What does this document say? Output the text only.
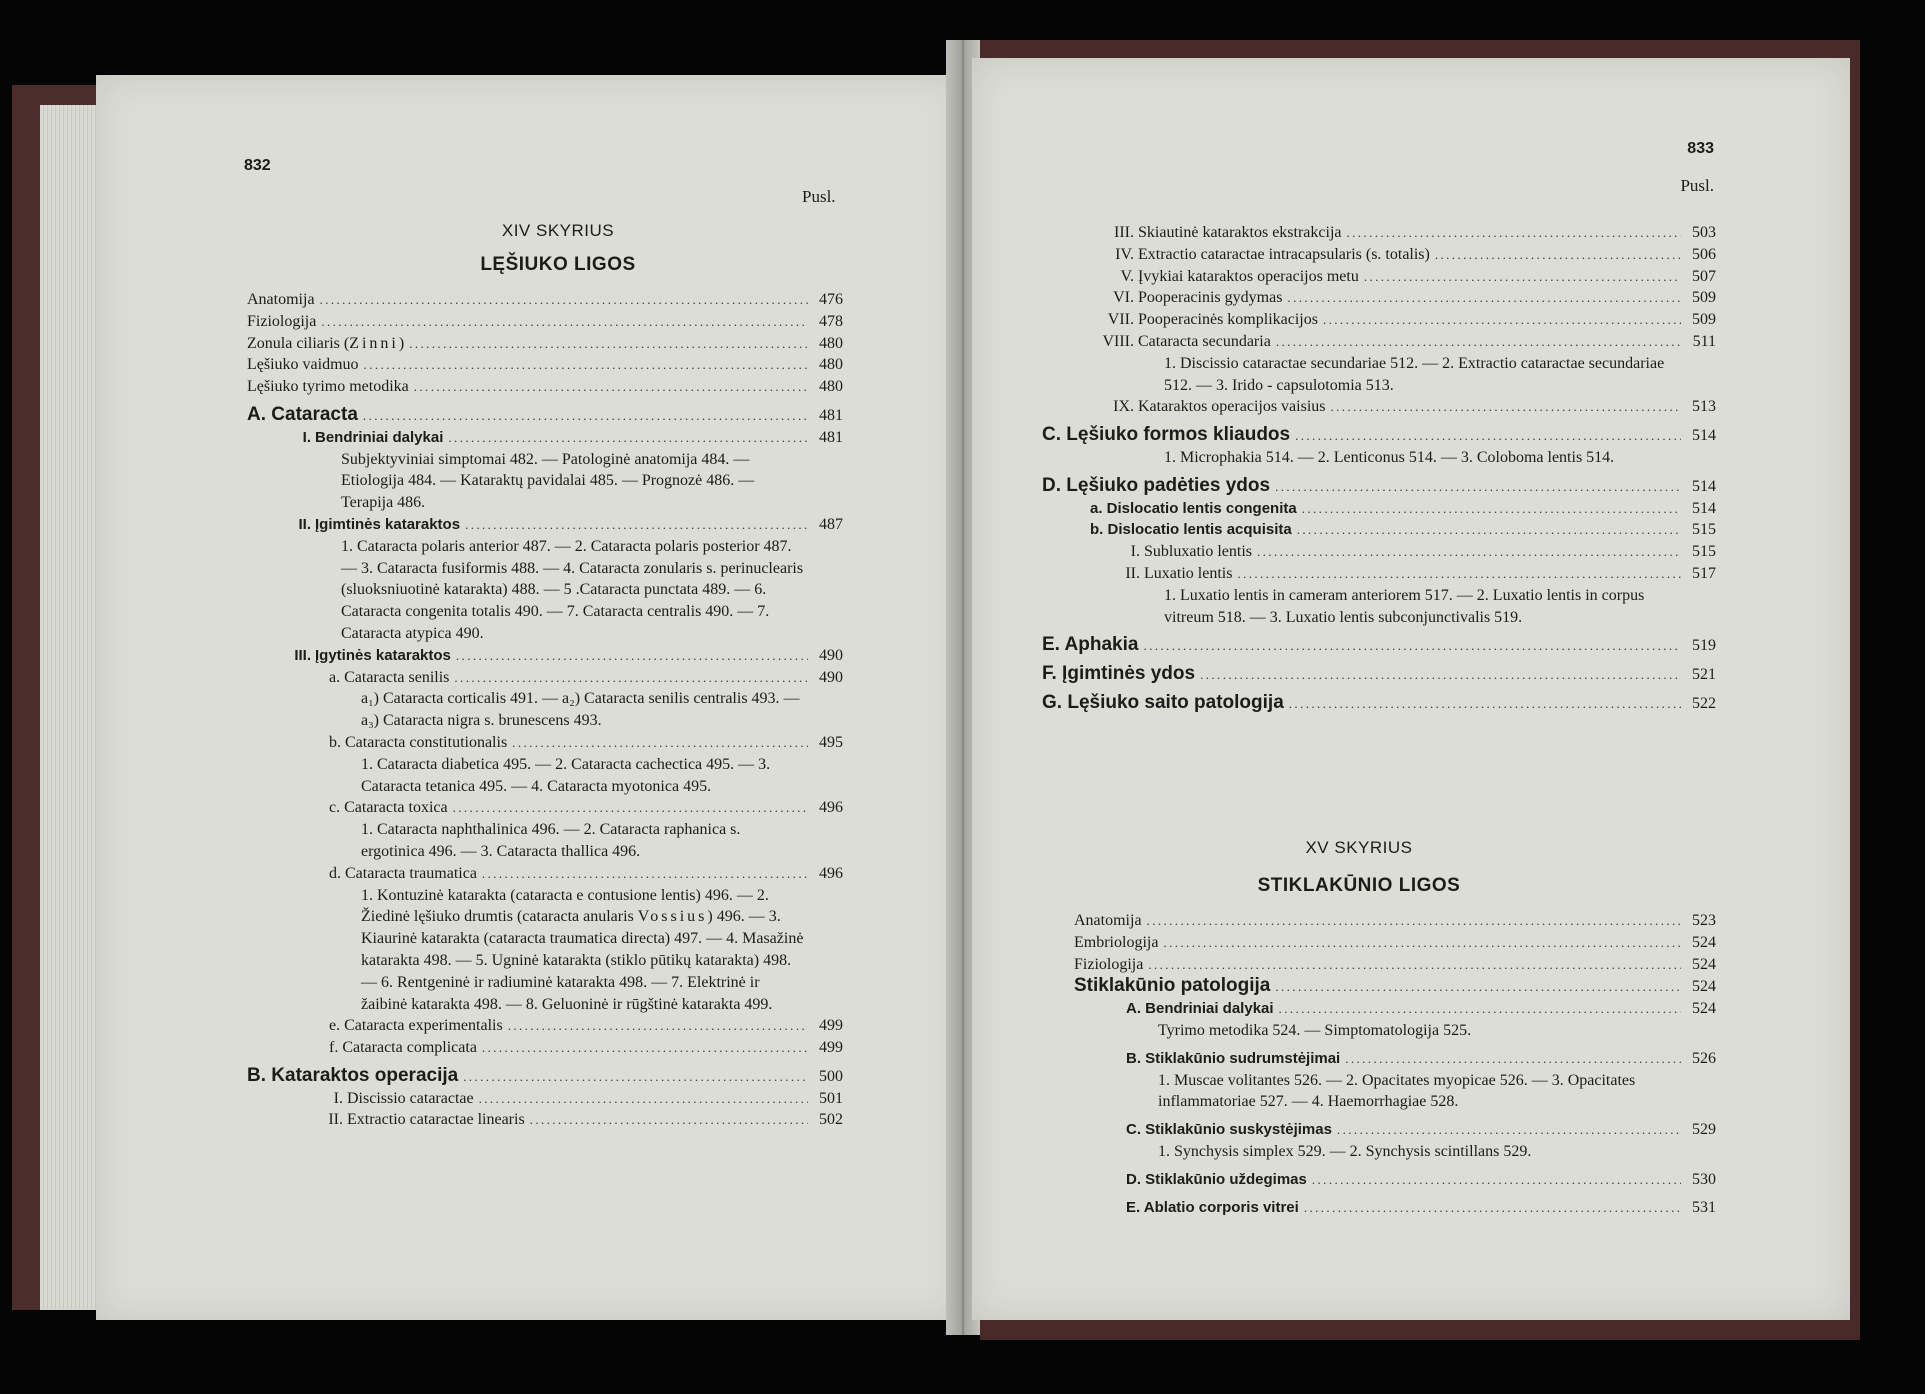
832
Pusl.
XIV SKYRIUS
LĘŠIUKO LIGOS
Anatomija .....	476
Fiziologija .....	478
Zonula ciliaris (Zinni) .....	480
Lęšiuko vaidmuo .....	480
Lęšiuko tyrimo metodika .....	480
A. Cataracta .....	481
I. Bendriniai dalykai .....	481
Subjektyviniai simptomai 482. — Patologinė anatomija 484. — Etiologija 484. — Kataraktų pavidalai 485. — Prognozė 486. — Terapija 486.
II. Įgimtinės kataraktos .....	487
1. Cataracta polaris anterior 487. — 2. Cataracta polaris posterior 487. — 3. Cataracta fusiformis 488. — 4. Cataracta zonularis s. perinuclearis (sluoksniuotinė katarakta) 488. — 5 .Cataracta punctata 489. — 6. Cataracta congenita totalis 490. — 7. Cataracta centralis 490. — 7. Cataracta atypica 490.
III. Įgytinės kataraktos .....	490
a. Cataracta senilis .....	490
a₁) Cataracta corticalis 491. — a₂) Cataracta senilis centralis 493. — a₃) Cataracta nigra s. brunescens 493.
b. Cataracta constitutionalis .....	495
1. Cataracta diabetica 495. — 2. Cataracta cachectica 495. — 3. Cataracta tetanica 495. — 4. Cataracta myotonica 495.
c. Cataracta toxica .....	496
1. Cataracta naphthalinica 496. — 2. Cataracta raphanica s. ergotinica 496. — 3. Cataracta thallica 496.
d. Cataracta traumatica .....	496
1. Kontuzinė katarakta (cataracta e contusione lentis) 496. — 2. Žiedinė lęšiuko drumtis (cataracta anularis Vossius) 496. — 3. Kiaurinė katarakta (cataracta traumatica directa) 497. — 4. Masažinė katarakta 498. — 5. Ugninė katarakta (stiklo pūtikų katarakta) 498. — 6. Rentgeninė ir radiuminė katarakta 498. — 7. Elektrinė ir žaibinė katarakta 498. — 8. Geluoninė ir rūgštinė katarakta 499.
e. Cataracta experimentalis .....	499
f. Cataracta complicata .....	499
B. Kataraktos operacija .....	500
I. Discissio cataractae .....	501
II. Extractio cataractae linearis .....	502
833
Pusl.
III. Skiautinė kataraktos ekstrakcija .....	503
IV. Extractio cataractae intracapsularis (s. totalis) .....	506
V. Įvykiai kataraktos operacijos metu .....	507
VI. Pooperacinis gydymas .....	509
VII. Pooperacinės komplikacijos .....	509
VIII. Cataracta secundaria .....	511
1. Discissio cataractae secundariae 512. — 2. Extractio cataractae secundariae 512. — 3. Irido - capsulotomia 513.
IX. Kataraktos operacijos vaisius .....	513
C. Lęšiuko formos kliaudos .....	514
1. Microphakia 514. — 2. Lenticonus 514. — 3. Coloboma lentis 514.
D. Lęšiuko padėties ydos .....	514
a. Dislocatio lentis congenita .....	514
b. Dislocatio lentis acquisita .....	515
I. Subluxatio lentis .....	515
II. Luxatio lentis .....	517
1. Luxatio lentis in cameram anteriorem 517. — 2. Luxatio lentis in corpus vitreum 518. — 3. Luxatio lentis subconjunctivalis 519.
E. Aphakia .....	519
F. Įgimtinės ydos .....	521
G. Lęšiuko saito patologija .....	522
XV SKYRIUS
STIKLAKŪNIO LIGOS
Anatomija .....	523
Embriologija .....	524
Fiziologija .....	524
Stiklakūnio patologija .....	524
A. Bendriniai dalykai .....	524
Tyrimo metodika 524. — Simptomatologija 525.
B. Stiklakūnio sudrumstėjimai .....	526
1. Muscae volitantes 526. — 2. Opacitates myopicae 526. — 3. Opacitates inflammatoriae 527. — 4. Haemorrhagiae 528.
C. Stiklakūnio suskystėjimas .....	529
1. Synchysis simplex 529. — 2. Synchysis scintillans 529.
D. Stiklakūnio uždegimas .....	530
E. Ablatio corporis vitrei .....	531
